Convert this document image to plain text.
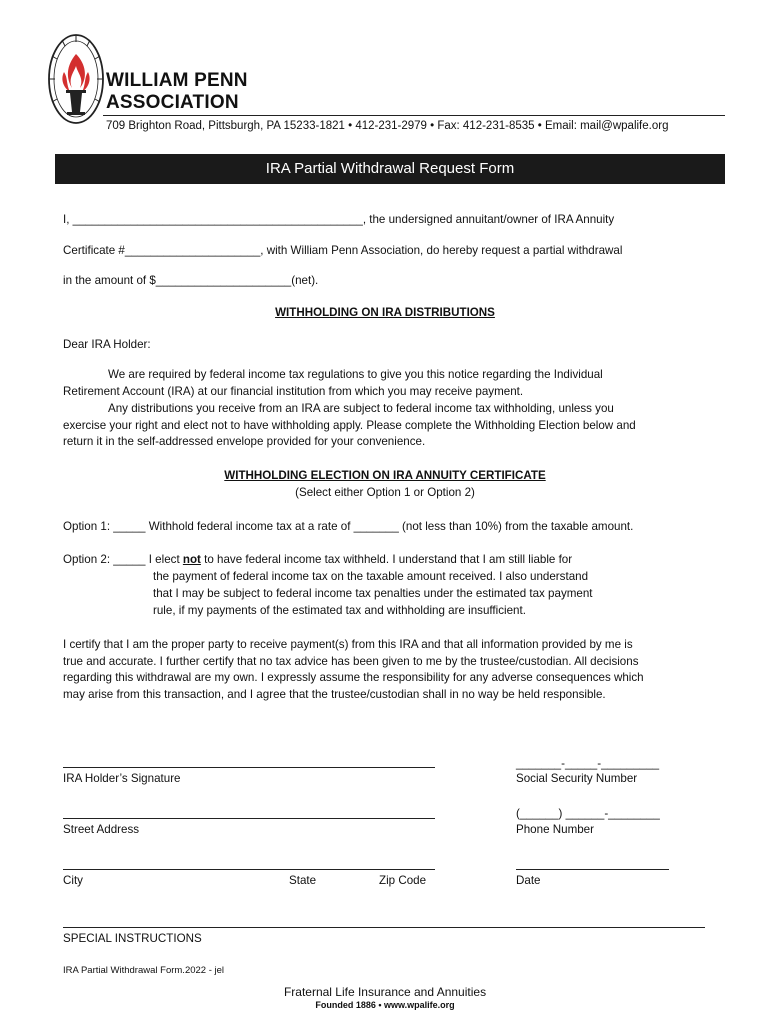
WILLIAM PENN
ASSOCIATION
709 Brighton Road, Pittsburgh, PA 15233-1821 • 412-231-2979 • Fax: 412-231-8535 • Email: mail@wpalife.org
IRA Partial Withdrawal Request Form
I, _____________________________________________, the undersigned annuitant/owner of IRA Annuity
Certificate #_____________________, with William Penn Association, do hereby request a partial withdrawal
in the amount of $_____________________(net).
WITHHOLDING ON IRA DISTRIBUTIONS
Dear IRA Holder:
We are required by federal income tax regulations to give you this notice regarding the Individual
Retirement Account (IRA) at our financial institution from which you may receive payment.
Any distributions you receive from an IRA are subject to federal income tax withholding, unless you
exercise your right and elect not to have withholding apply. Please complete the Withholding Election below and
return it in the self-addressed envelope provided for your convenience.
WITHHOLDING ELECTION ON IRA ANNUITY CERTIFICATE
(Select either Option 1 or Option 2)
Option 1: _____ Withhold federal income tax at a rate of _______ (not less than 10%) from the taxable amount.
Option 2: _____ I elect not to have federal income tax withheld. I understand that I am still liable for
the payment of federal income tax on the taxable amount received. I also understand
that I may be subject to federal income tax penalties under the estimated tax payment
rule, if my payments of the estimated tax and withholding are insufficient.
I certify that I am the proper party to receive payment(s) from this IRA and that all information provided by me is
true and accurate. I further certify that no tax advice has been given to me by the trustee/custodian. All decisions
regarding this withdrawal are my own. I expressly assume the responsibility for any adverse consequences which
may arise from this transaction, and I agree that the trustee/custodian shall in no way be held responsible.
IRA Holder’s Signature
_______-_____-_________
Social Security Number
Street Address
(______) ______-________
Phone Number
City	State	Zip Code	Date
SPECIAL INSTRUCTIONS
IRA Partial Withdrawal Form.2022 - jel
Fraternal Life Insurance and Annuities
Founded 1886 • www.wpalife.org
